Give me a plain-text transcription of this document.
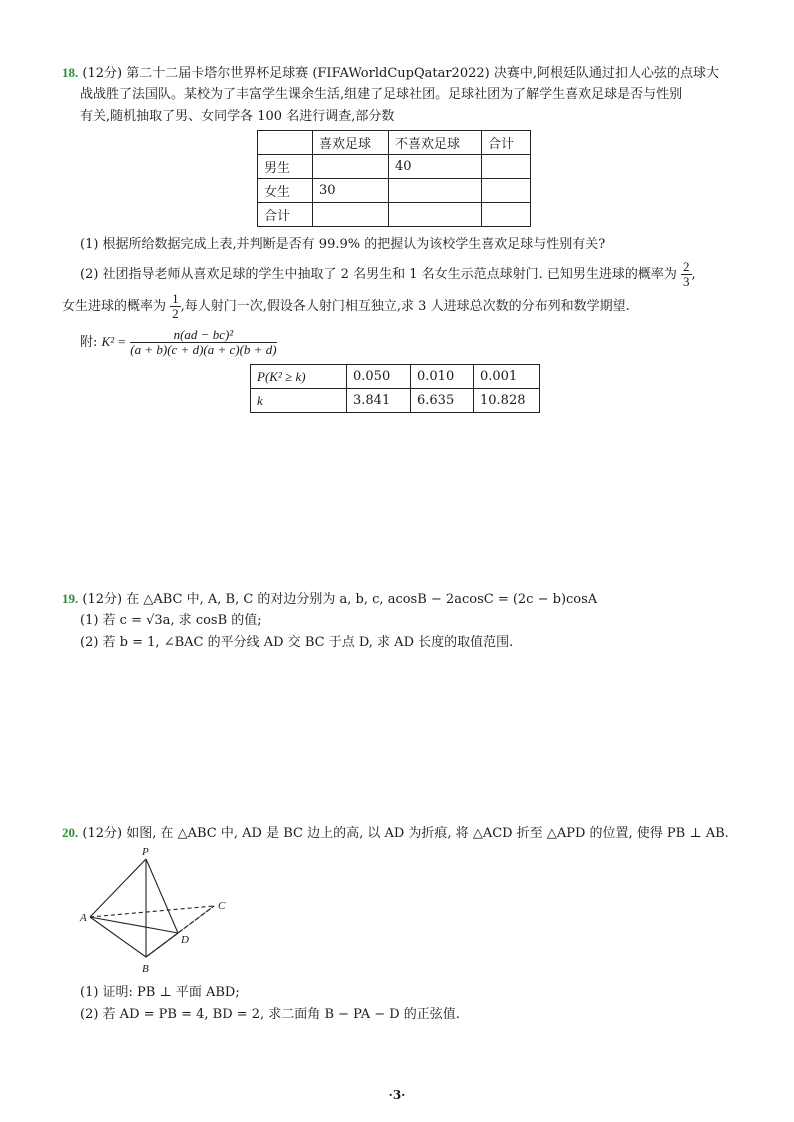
18. (12分) 第二十二届卡塔尔世界杯足球赛 (FIFAWorldCupQatar2022) 决赛中,阿根廷队通过扣人心弦的点球大
战战胜了法国队。某校为了丰富学生课余生活,组建了足球社团。足球社团为了解学生喜欢足球是否与性别
有关,随机抽取了男、女同学各 100 名进行调查,部分数
	喜欢足球	不喜欢足球	合计
男生		40	
女生	30		
合计			
(1) 根据所给数据完成上表,并判断是否有 99.9% 的把握认为该校学生喜欢足球与性别有关?
(2) 社团指导老师从喜欢足球的学生中抽取了 2 名男生和 1 名女生示范点球射门. 已知男生进球的概率为 $\frac{2}{3}$ ,
女生进球的概率为 $\frac{1}{2}$ ,每人射门一次,假设各人射门相互独立,求 3 人进球总次数的分布列和数学期望.
附: $K^2 = \frac{\text{n(ad − bc)²}}{(a + b)(c + d)(a + c)(b + d)}$
P(K² ≥ k)	0.050	0.010	0.001
k	3.841	6.635	10.828
19. (12分) 在 △ABC 中, A, B, C 的对边分别为 a, b, c, acosB − 2acosC = (2c − b)cosA
(1) 若 c = √3a, 求 cosB 的值;
(2) 若 b = 1, ∠BAC 的平分线 AD 交 BC 于点 D, 求 AD 长度的取值范围.
20. (12分) 如图, 在 △ABC 中, AD 是 BC 边上的高, 以 AD 为折痕, 将 △ACD 折至 △APD 的位置, 使得 PB ⊥ AB.
P
A
B
C
D
(1) 证明: PB ⊥ 平面 ABD;
(2) 若 AD = PB = 4, BD = 2, 求二面角 B − PA − D 的正弦值.
·3·
